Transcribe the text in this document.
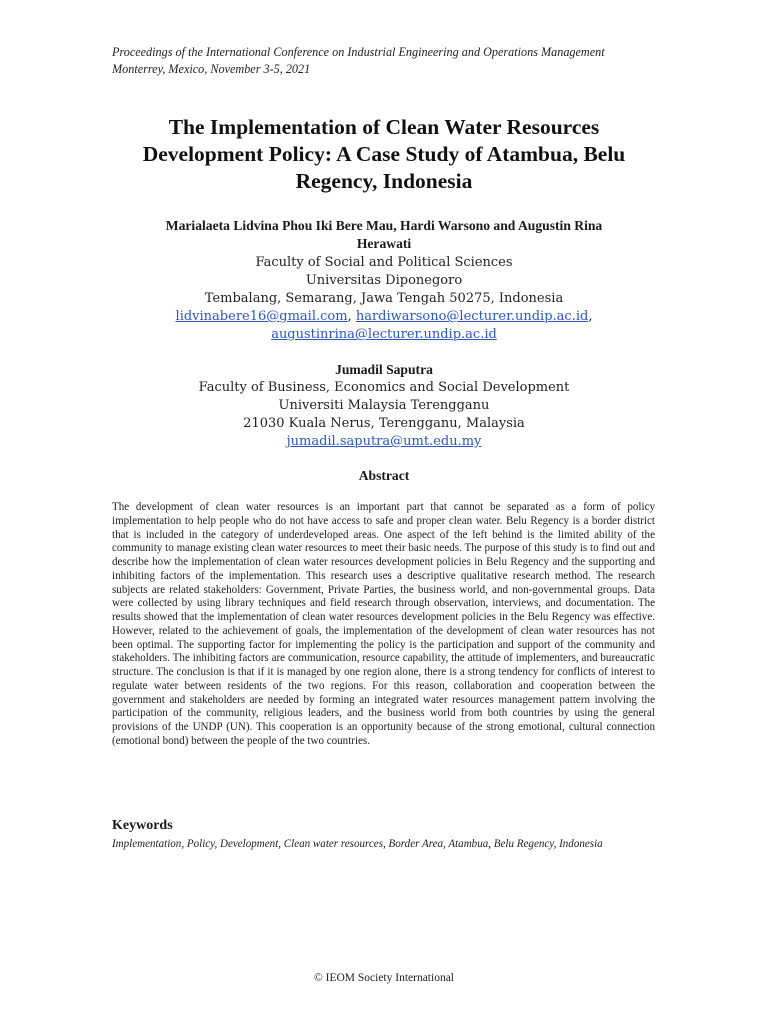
Proceedings of the International Conference on Industrial Engineering and Operations Management
Monterrey, Mexico, November 3-5, 2021
The Implementation of Clean Water Resources
Development Policy: A Case Study of Atambua, Belu
Regency, Indonesia
Marialaeta Lidvina Phou Iki Bere Mau, Hardi Warsono and Augustin Rina
Herawati
Faculty of Social and Political Sciences
Universitas Diponegoro
Tembalang, Semarang, Jawa Tengah 50275, Indonesia
lidvinabere16@gmail.com, hardiwarsono@lecturer.undip.ac.id,
augustinrina@lecturer.undip.ac.id
Jumadil Saputra
Faculty of Business, Economics and Social Development
Universiti Malaysia Terengganu
21030 Kuala Nerus, Terengganu, Malaysia
jumadil.saputra@umt.edu.my
Abstract

The development of clean water resources is an important part that cannot be separated as a form of policy implementation to help people who do not have access to safe and proper clean water. Belu Regency is a border district that is included in the category of underdeveloped areas. One aspect of the left behind is the limited ability of the community to manage existing clean water resources to meet their basic needs. The purpose of this study is to find out and describe how the implementation of clean water resources development policies in Belu Regency and the supporting and inhibiting factors of the implementation. This research uses a descriptive qualitative research method. The research subjects are related stakeholders: Government, Private Parties, the business world, and non-governmental groups. Data were collected by using library techniques and field research through observation, interviews, and documentation. The results showed that the implementation of clean water resources development policies in the Belu Regency was effective. However, related to the achievement of goals, the implementation of the development of clean water resources has not been optimal. The supporting factor for implementing the policy is the participation and support of the community and stakeholders. The inhibiting factors are communication, resource capability, the attitude of implementers, and bureaucratic structure. The conclusion is that if it is managed by one region alone, there is a strong tendency for conflicts of interest to regulate water between residents of the two regions. For this reason, collaboration and cooperation between the government and stakeholders are needed by forming an integrated water resources management pattern involving the participation of the community, religious leaders, and the business world from both countries by using the general provisions of the UNDP (UN). This cooperation is an opportunity because of the strong emotional, cultural connection (emotional bond) between the people of the two countries.

Keywords

Implementation, Policy, Development, Clean water resources, Border Area, Atambua, Belu Regency, Indonesia

© IEOM Society International
